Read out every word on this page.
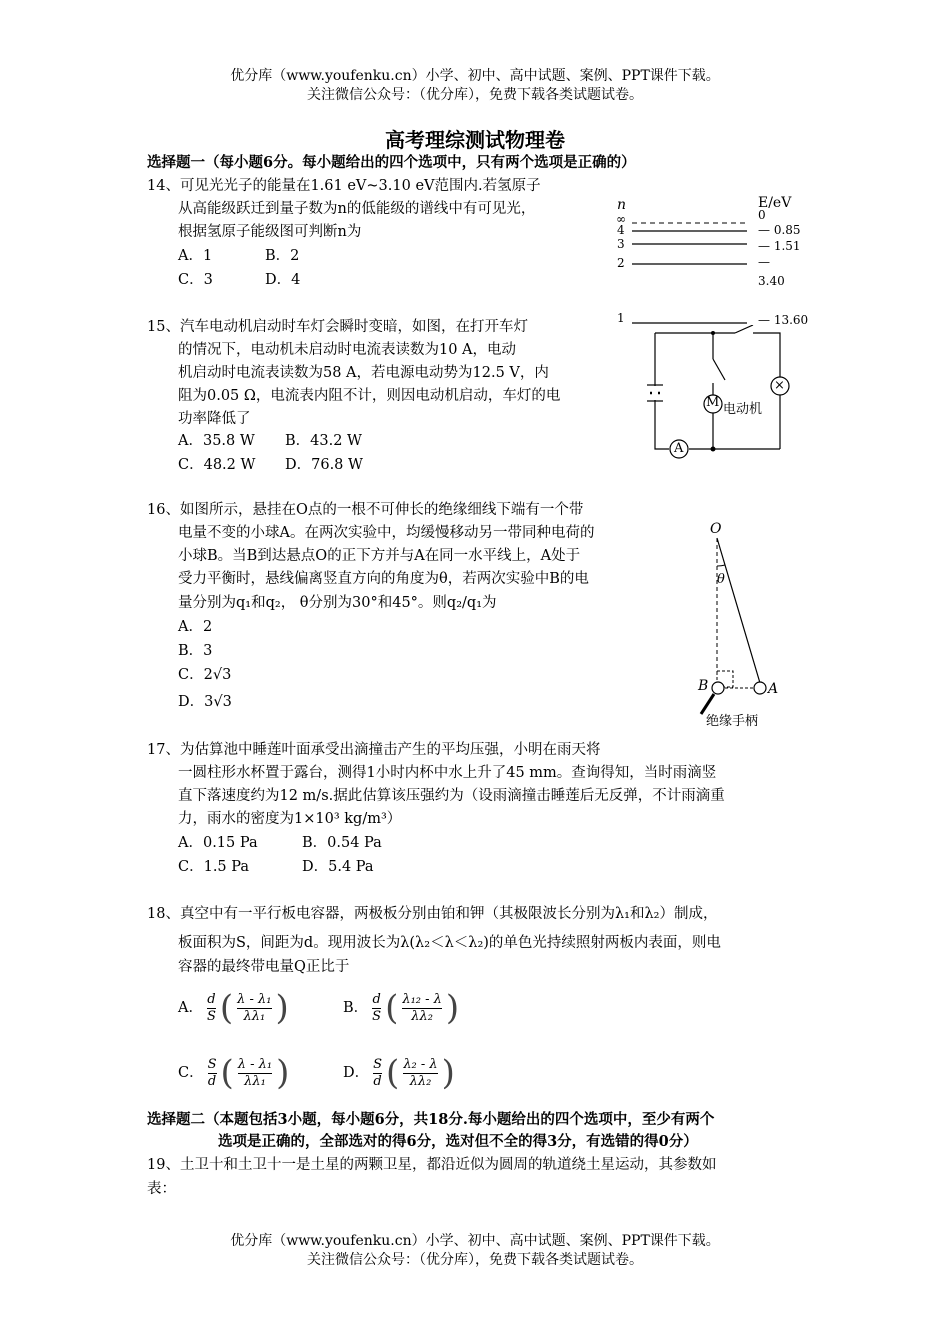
优分库（www.youfenku.cn）小学、初中、高中试题、案例、PPT课件下载。
关注微信公众号：（优分库），免费下载各类试题试卷。
高考理综测试物理卷
选择题一（每小题6分。每小题给出的四个选项中，只有两个选项是正确的）
14、可见光光子的能量在1.61 eV~3.10 eV范围内.若氢原子
从高能级跃迁到量子数为n的低能级的谱线中有可见光，
根据氢原子能级图可判断n为
A．1	B．2
C．3	D．4
n	E/eV
∞	0
4	— 0.85
3	— 1.51
2	—
3.40
1	— 13.60
15、汽车电动机启动时车灯会瞬时变暗，如图，在打开车灯
的情况下，电动机未启动时电流表读数为10 A，电动
机启动时电流表读数为58 A，若电源电动势为12.5 V，内
阻为0.05 Ω，电流表内阻不计，则因电动机启动，车灯的电
功率降低了
A．35.8 W B．43.2 W
C．48.2 W D．76.8 W
M 电动机
A
×
16、如图所示，悬挂在O点的一根不可伸长的绝缘细线下端有一个带
电量不变的小球A。在两次实验中，均缓慢移动另一带同种电荷的
小球B。当B到达悬点O的正下方并与A在同一水平线上，A处于
受力平衡时，悬线偏离竖直方向的角度为θ，若两次实验中B的电
量分别为q₁和q₂， θ分别为30°和45°。则q₂/q₁为
A．2
B．3
C．2√3
D．3√3
O
θ
B	A
绝缘手柄
17、为估算池中睡莲叶面承受出滴撞击产生的平均压强，小明在雨天将
一圆柱形水杯置于露台，测得1小时内杯中水上升了45 mm。查询得知，当时雨滴竖
直下落速度约为12 m/s.据此估算该压强约为（设雨滴撞击睡莲后无反弹，不计雨滴重
力，雨水的密度为1×10³ kg/m³）
A．0.15 Pa	B．0.54 Pa
C．1.5 Pa	D．5.4 Pa
18、真空中有一平行板电容器，两极板分别由铂和钾（其极限波长分别为λ₁和λ₂）制成，
板面积为S，间距为d。现用波长为λ(λ₂＜λ＜λ₂)的单色光持续照射两板内表面，则电
容器的最终带电量Q正比于
A． $\frac{d}{S}$ ( $\frac{\text{λ - λ₁}}{\text{λλ₁}}$ )	B． $\frac{d}{S}$ ( $\frac{\text{λ₁₂ - λ}}{\text{λλ₂}}$ )
C． $\frac{S}{d}$ ( $\frac{\text{λ - λ₁}}{\text{λλ₁}}$ )	D． $\frac{S}{d}$ ( $\frac{\text{λ₂ - λ}}{\text{λλ₂}}$ )
选择题二（本题包括3小题，每小题6分，共18分.每小题给出的四个选项中，至少有两个
选项是正确的，全部选对的得6分，选对但不全的得3分，有选错的得0分）
19、土卫十和土卫十一是土星的两颗卫星，都沿近似为圆周的轨道绕土星运动，其参数如
表：
优分库（www.youfenku.cn）小学、初中、高中试题、案例、PPT课件下载。
关注微信公众号：（优分库），免费下载各类试题试卷。
